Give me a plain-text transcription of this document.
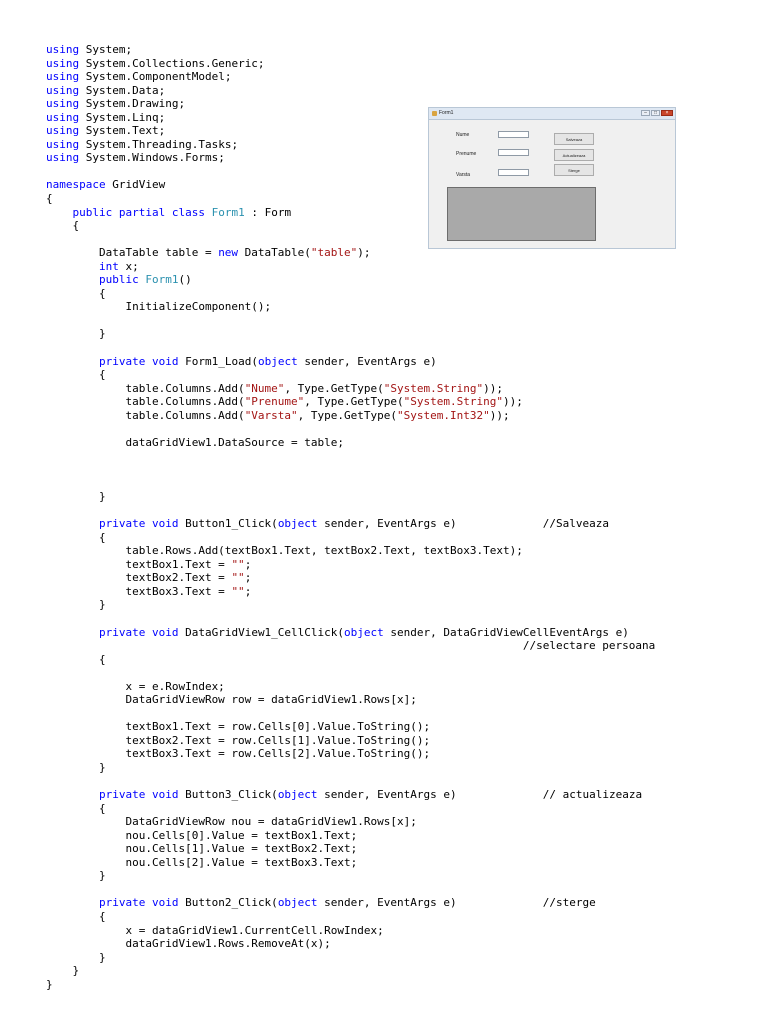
using System;
using System.Collections.Generic;
using System.ComponentModel;
using System.Data;
using System.Drawing;
using System.Linq;
using System.Text;
using System.Threading.Tasks;
using System.Windows.Forms;

namespace GridView
{
public partial class Form1 : Form
{

DataTable table = new DataTable("table");
int x;
public Form1()
{
InitializeComponent();

}

private void Form1_Load(object sender, EventArgs e)
{
table.Columns.Add("Nume", Type.GetType("System.String"));
table.Columns.Add("Prenume", Type.GetType("System.String"));
table.Columns.Add("Varsta", Type.GetType("System.Int32"));

dataGridView1.DataSource = table;

}

private void Button1_Click(object sender, EventArgs e)             //Salveaza
{
table.Rows.Add(textBox1.Text, textBox2.Text, textBox3.Text);
textBox1.Text = "";
textBox2.Text = "";
textBox3.Text = "";
}

private void DataGridView1_CellClick(object sender, DataGridViewCellEventArgs e)
//selectare persoana
{

x = e.RowIndex;
DataGridViewRow row = dataGridView1.Rows[x];

textBox1.Text = row.Cells[0].Value.ToString();
textBox2.Text = row.Cells[1].Value.ToString();
textBox3.Text = row.Cells[2].Value.ToString();
}

private void Button3_Click(object sender, EventArgs e)             // actualizeaza
{
DataGridViewRow nou = dataGridView1.Rows[x];
nou.Cells[0].Value = textBox1.Text;
nou.Cells[1].Value = textBox2.Text;
nou.Cells[2].Value = textBox3.Text;
}

private void Button2_Click(object sender, EventArgs e)             //sterge
{
x = dataGridView1.CurrentCell.RowIndex;
dataGridView1.Rows.RemoveAt(x);
}
}
}
Form1	–	□	×
Nume
Prenume
Varsta
Salveaza
Actualizeaza
Sterge
